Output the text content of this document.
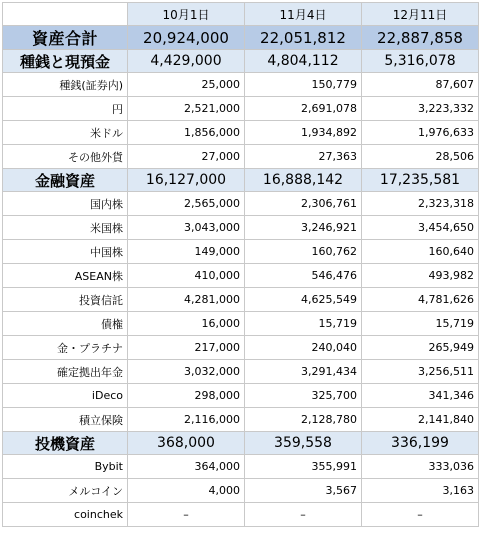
	10月1日	11月4日	12月11日
資産合計	20,924,000	22,051,812	22,887,858
種銭と現預金	4,429,000	4,804,112	5,316,078
種銭(証券内)	25,000	150,779	87,607
円	2,521,000	2,691,078	3,223,332
米ドル	1,856,000	1,934,892	1,976,633
その他外貨	27,000	27,363	28,506
金融資産	16,127,000	16,888,142	17,235,581
国内株	2,565,000	2,306,761	2,323,318
米国株	3,043,000	3,246,921	3,454,650
中国株	149,000	160,762	160,640
ASEAN株	410,000	546,476	493,982
投資信託	4,281,000	4,625,549	4,781,626
債権	16,000	15,719	15,719
金・プラチナ	217,000	240,040	265,949
確定拠出年金	3,032,000	3,291,434	3,256,511
iDeco	298,000	325,700	341,346
積立保険	2,116,000	2,128,780	2,141,840
投機資産	368,000	359,558	336,199
Bybit	364,000	355,991	333,036
メルコイン	4,000	3,567	3,163
coinchek	–	–	–
